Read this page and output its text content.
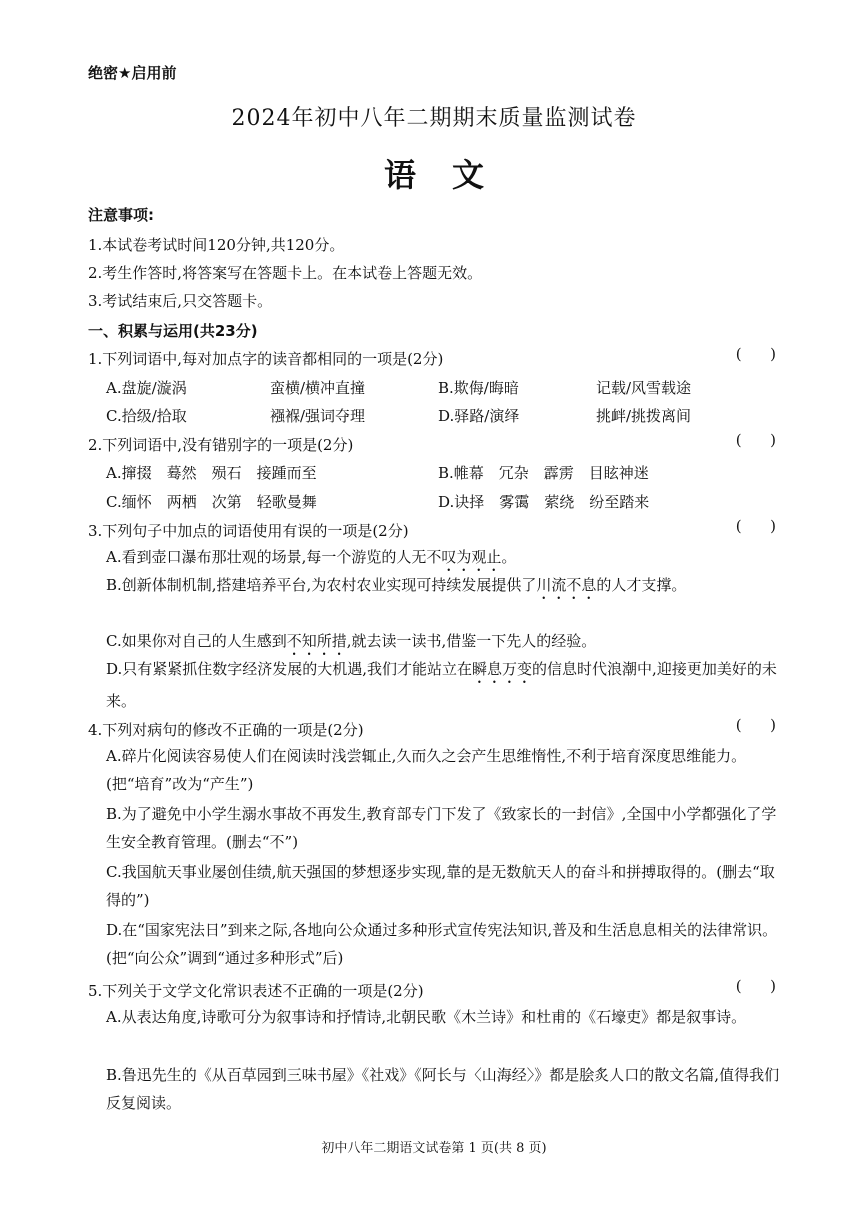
绝密★启用前
2024年初中八年二期期末质量监测试卷
语文
注意事项:
1.本试卷考试时间120分钟,共120分。
2.考生作答时,将答案写在答题卡上。在本试卷上答题无效。
3.考试结束后,只交答题卡。
一、积累与运用(共23分)
1.下列词语中,每对加点字的读音都相同的一项是(2分)	(      )
A.盘旋/漩涡	蛮横/横冲直撞	B.欺侮/晦暗	记载/风雪载途
C.拾级/拾取	襁褓/强词夺理	D.驿路/演绎	挑衅/挑拨离间
2.下列词语中,没有错别字的一项是(2分)	(      )
A.撺掇　蓦然　殒石　接踵而至	B.帷幕　冗杂　霹雳　目眩神迷
C.缅怀　两栖　次第　轻歌曼舞	D.诀择　雾霭　萦绕　纷至踏来
3.下列句子中加点的词语使用有误的一项是(2分)	(      )
A.看到壶口瀑布那壮观的场景,每一个游览的人无不叹为观止。
B.创新体制机制,搭建培养平台,为农村农业实现可持续发展提供了川流不息的人才支撑。
C.如果你对自己的人生感到不知所措,就去读一读书,借鉴一下先人的经验。
D.只有紧紧抓住数字经济发展的大机遇,我们才能站立在瞬息万变的信息时代浪潮中,迎接更加美好的未来。
4.下列对病句的修改不正确的一项是(2分)	(      )
A.碎片化阅读容易使人们在阅读时浅尝辄止,久而久之会产生思维惰性,不利于培育深度思维能力。(把“培育”改为“产生”)
B.为了避免中小学生溺水事故不再发生,教育部专门下发了《致家长的一封信》,全国中小学都强化了学生安全教育管理。(删去“不”)
C.我国航天事业屡创佳绩,航天强国的梦想逐步实现,靠的是无数航天人的奋斗和拼搏取得的。(删去“取得的”)
D.在“国家宪法日”到来之际,各地向公众通过多种形式宣传宪法知识,普及和生活息息相关的法律常识。(把“向公众”调到“通过多种形式”后)
5.下列关于文学文化常识表述不正确的一项是(2分)	(      )
A.从表达角度,诗歌可分为叙事诗和抒情诗,北朝民歌《木兰诗》和杜甫的《石壕吏》都是叙事诗。
B.鲁迅先生的《从百草园到三味书屋》《社戏》《阿长与〈山海经〉》都是脍炙人口的散文名篇,值得我们反复阅读。
初中八年二期语文试卷第 1 页(共 8 页)
